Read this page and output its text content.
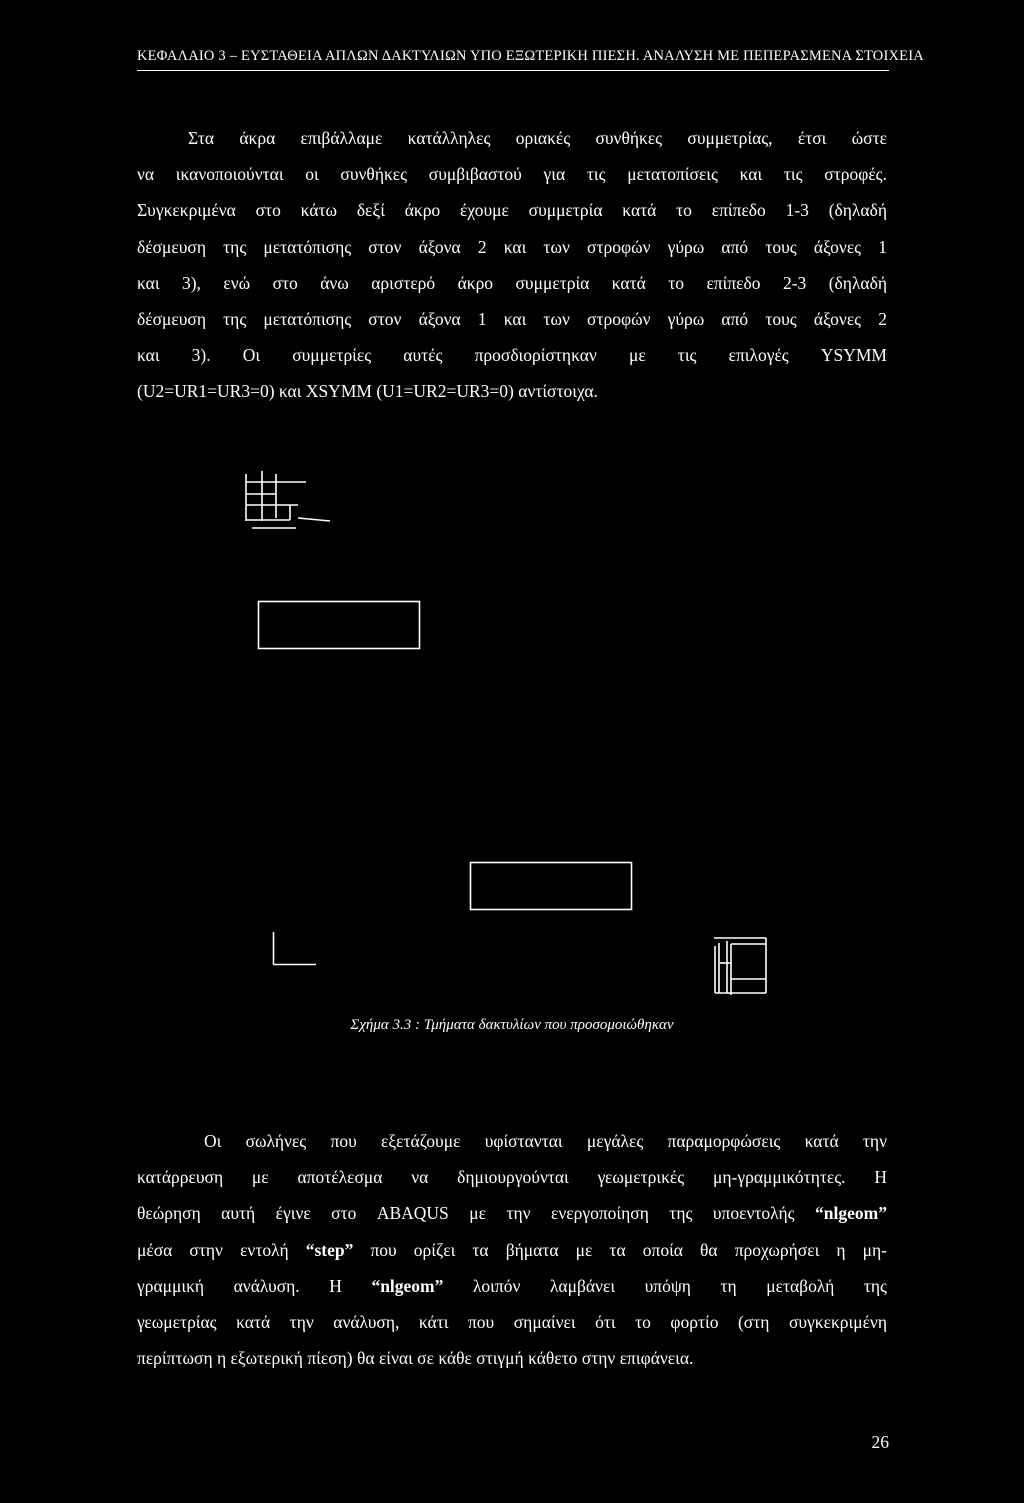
ΚΕΦΑΛΑΙΟ 3 – ΕΥΣΤΑΘΕΙΑ ΑΠΛΩΝ ΔΑΚΤΥΛΙΩΝ ΥΠΟ ΕΞΩΤΕΡΙΚΗ ΠΙΕΣΗ. ΑΝΑΛΥΣΗ ΜΕ ΠΕΠΕΡΑΣΜΕΝΑ ΣΤΟΙΧΕΙΑ
Στα άκρα επιβάλλαμε κατάλληλες οριακές συνθήκες συμμετρίας, έτσι ώστε
να ικανοποιούνται οι συνθήκες συμβιβαστού για τις μετατοπίσεις και τις στροφές.
Συγκεκριμένα στο κάτω δεξί άκρο έχουμε συμμετρία κατά το επίπεδο 1-3 (δηλαδή
δέσμευση της μετατόπισης στον άξονα 2 και των στροφών γύρω από τους άξονες 1
και 3), ενώ στο άνω αριστερό άκρο συμμετρία κατά το επίπεδο 2-3 (δηλαδή
δέσμευση της μετατόπισης στον άξονα 1 και των στροφών γύρω από τους άξονες 2
και 3). Οι συμμετρίες αυτές προσδιορίστηκαν με τις επιλογές YSYMM
(U2=UR1=UR3=0) και XSYMM (U1=UR2=UR3=0) αντίστοιχα.
Σχήμα 3.3 : Τμήματα δακτυλίων που προσομοιώθηκαν
Οι σωλήνες που εξετάζουμε υφίστανται μεγάλες παραμορφώσεις κατά την
κατάρρευση με αποτέλεσμα να δημιουργούνται γεωμετρικές μη-γραμμικότητες. Η
θεώρηση αυτή έγινε στο ABAQUS με την ενεργοποίηση της υποεντολής “nlgeom”
μέσα στην εντολή “step” που ορίζει τα βήματα με τα οποία θα προχωρήσει η μη-
γραμμική ανάλυση. Η “nlgeom” λοιπόν λαμβάνει υπόψη τη μεταβολή της
γεωμετρίας κατά την ανάλυση, κάτι που σημαίνει ότι το φορτίο (στη συγκεκριμένη
περίπτωση η εξωτερική πίεση) θα είναι σε κάθε στιγμή κάθετο στην επιφάνεια.
26
